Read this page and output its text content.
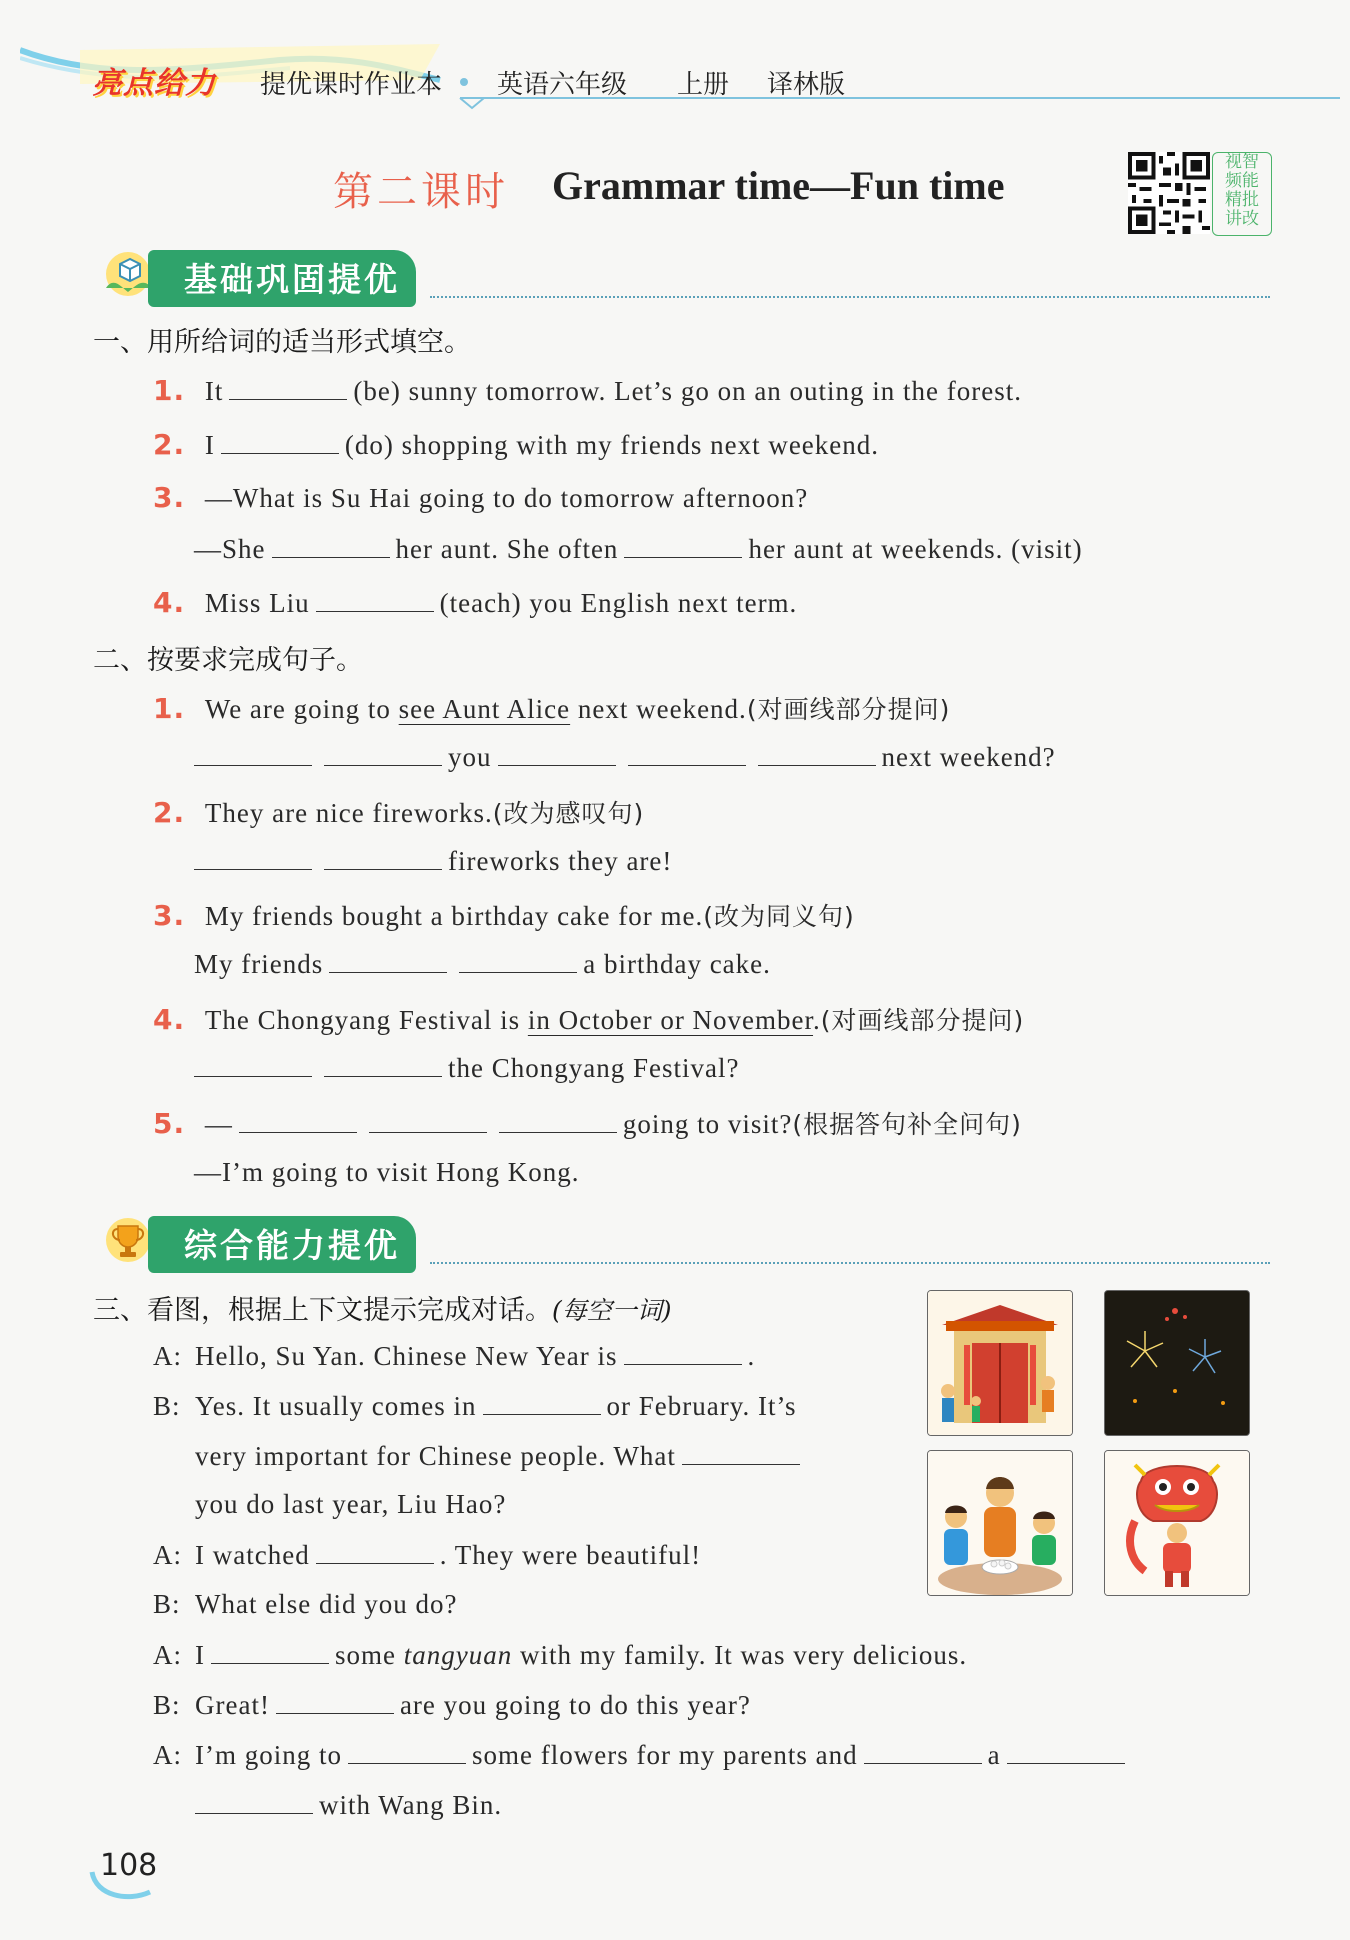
亮点给力 提优课时作业本 英语六年级 上册 译林版
第二课时 Grammar time—Fun time
视智
频能
精批
讲改
基础巩固提优
一、用所给词的适当形式填空。
1. It	(be) sunny tomorrow. Let’s go on an outing in the forest.
2. I	(do) shopping with my friends next weekend.
3. —What is Su Hai going to do tomorrow afternoon?
—She	her aunt. She often	her aunt at weekends. (visit)
4. Miss Liu	(teach) you English next term.
二、按要求完成句子。
1. We are going to see Aunt Alice next weekend.(对画线部分提问)
you	next weekend?
2. They are nice fireworks.(改为感叹句)
fireworks they are!
3. My friends bought a birthday cake for me.(改为同义句)
My friends	a birthday cake.
4. The Chongyang Festival is in October or November.(对画线部分提问)
the Chongyang Festival?
5. —	going to visit?(根据答句补全问句)
—I’m going to visit Hong Kong.
综合能力提优
三、看图，根据上下文提示完成对话。(每空一词)
A: Hello, Su Yan. Chinese New Year is	.
B: Yes. It usually comes in	or February. It’s
very important for Chinese people. What
you do last year, Liu Hao?
A: I watched	. They were beautiful!
B: What else did you do?
A: I	some tangyuan with my family. It was very delicious.
B: Great!	are you going to do this year?
A: I’m going to	some flowers for my parents and	a
with Wang Bin.
108
